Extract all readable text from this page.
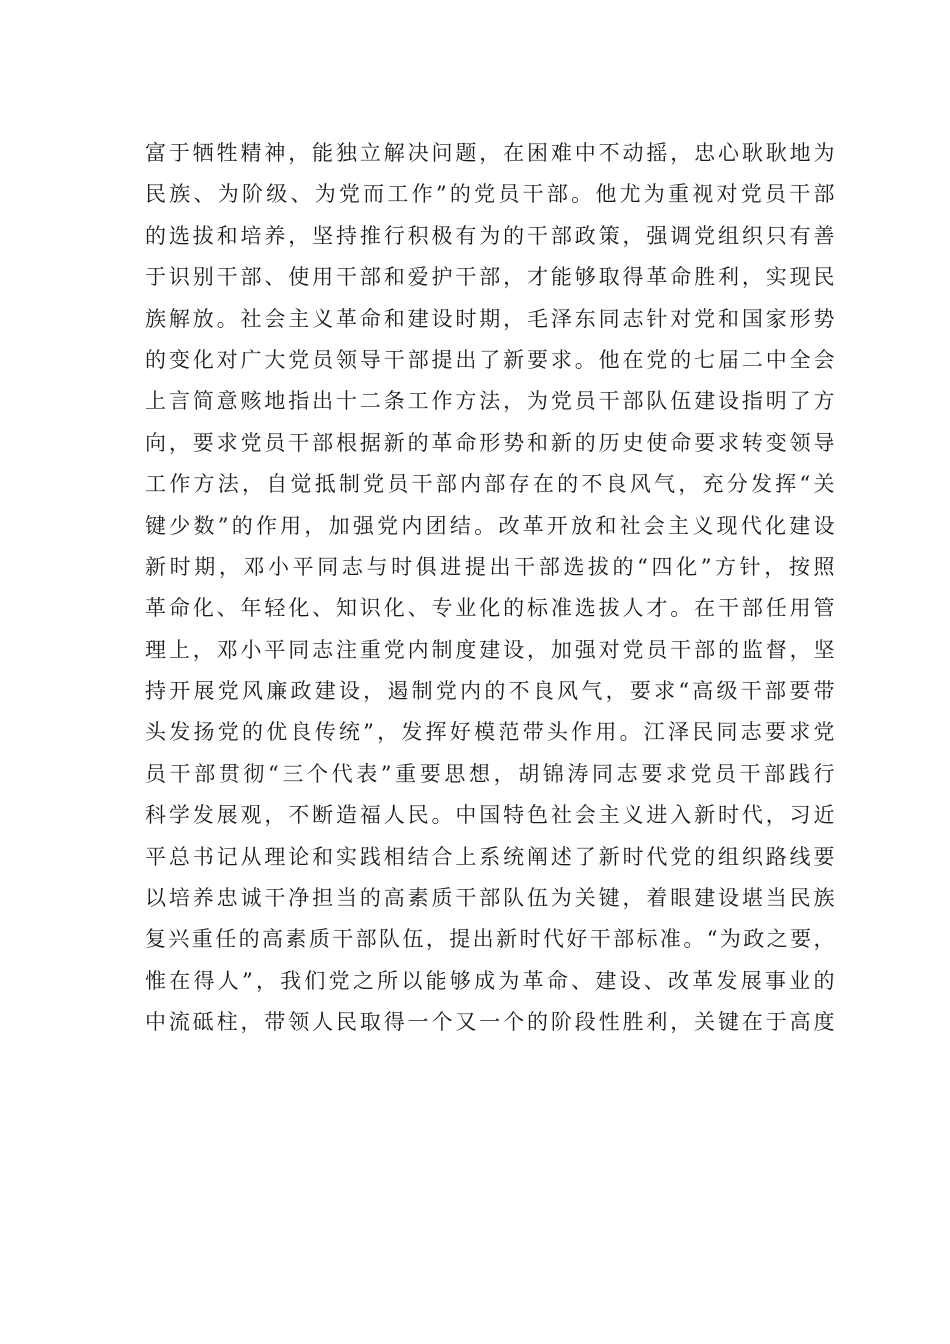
富于牺牲精神，能独立解决问题，在困难中不动摇，忠心耿耿地为
民族、为阶级、为党而工作”的党员干部。他尤为重视对党员干部
的选拔和培养，坚持推行积极有为的干部政策，强调党组织只有善
于识别干部、使用干部和爱护干部，才能够取得革命胜利，实现民
族解放。社会主义革命和建设时期，毛泽东同志针对党和国家形势
的变化对广大党员领导干部提出了新要求。他在党的七届二中全会
上言简意赅地指出十二条工作方法，为党员干部队伍建设指明了方
向，要求党员干部根据新的革命形势和新的历史使命要求转变领导
工作方法，自觉抵制党员干部内部存在的不良风气，充分发挥“关
键少数”的作用，加强党内团结。改革开放和社会主义现代化建设
新时期，邓小平同志与时俱进提出干部选拔的“四化”方针，按照
革命化、年轻化、知识化、专业化的标准选拔人才。在干部任用管
理上，邓小平同志注重党内制度建设，加强对党员干部的监督，坚
持开展党风廉政建设，遏制党内的不良风气，要求“高级干部要带
头发扬党的优良传统”，发挥好模范带头作用。江泽民同志要求党
员干部贯彻“三个代表”重要思想，胡锦涛同志要求党员干部践行
科学发展观，不断造福人民。中国特色社会主义进入新时代，习近
平总书记从理论和实践相结合上系统阐述了新时代党的组织路线要
以培养忠诚干净担当的高素质干部队伍为关键，着眼建设堪当民族
复兴重任的高素质干部队伍，提出新时代好干部标准。“为政之要，
惟在得人”，我们党之所以能够成为革命、建设、改革发展事业的
中流砥柱，带领人民取得一个又一个的阶段性胜利，关键在于高度
